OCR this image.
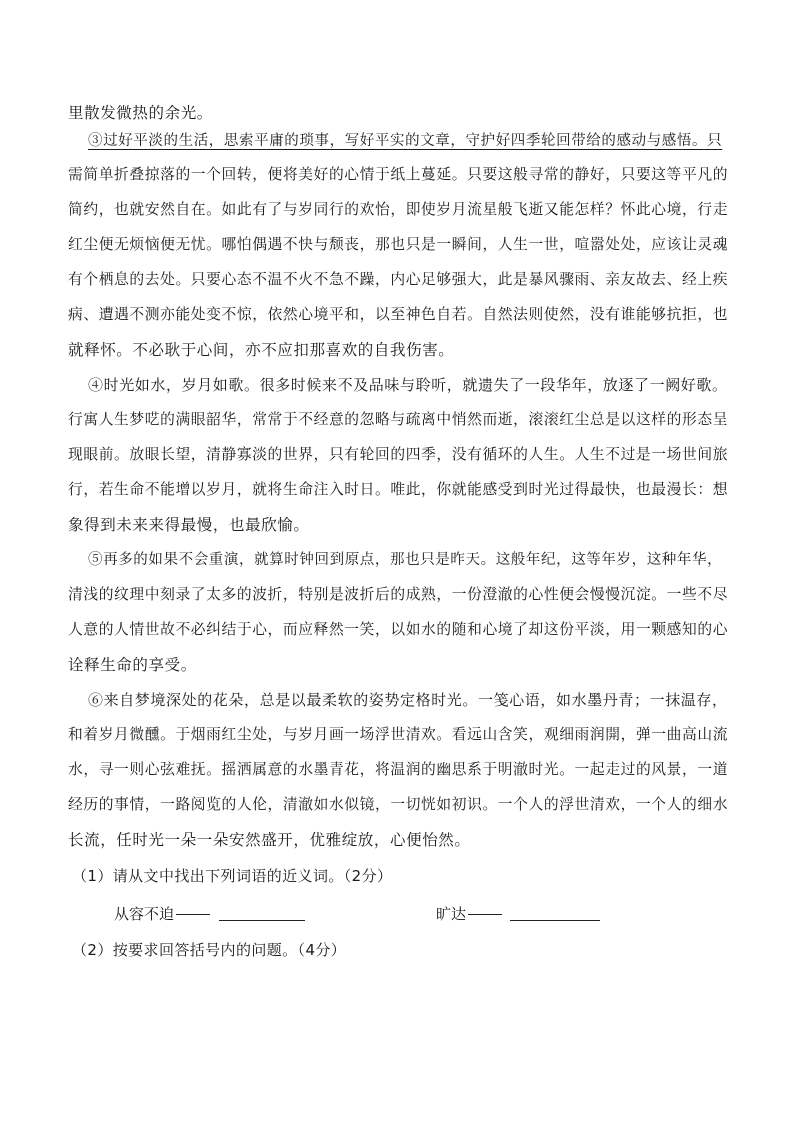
里散发微热的余光。
③过好平淡的生活，思索平庸的琐事，写好平实的文章，守护好四季轮回带给的感动与感悟。只
需简单折叠掠落的一个回转，便将美好的心情于纸上蔓延。只要这般寻常的静好，只要这等平凡的
简约，也就安然自在。如此有了与岁同行的欢怡，即使岁月流星般飞逝又能怎样？怀此心境，行走
红尘便无烦恼便无忧。哪怕偶遇不快与颓丧，那也只是一瞬间，人生一世，喧嚣处处，应该让灵魂
有个栖息的去处。只要心态不温不火不急不躁，内心足够强大，此是暴风骤雨、亲友故去、经上疾
病、遭遇不测亦能处变不惊，依然心境平和，以至神色自若。自然法则使然，没有谁能够抗拒，也
就释怀。不必耿于心间，亦不应扣那喜欢的自我伤害。
④时光如水，岁月如歌。很多时候来不及品味与聆听，就遗失了一段华年，放逐了一阙好歌。
行寓人生梦呓的满眼韶华，常常于不经意的忽略与疏离中悄然而逝，滚滚红尘总是以这样的形态呈
现眼前。放眼长望，清静寡淡的世界，只有轮回的四季，没有循环的人生。人生不过是一场世间旅
行，若生命不能增以岁月，就将生命注入时日。唯此，你就能感受到时光过得最快，也最漫长：想
象得到未来来得最慢，也最欣愉。
⑤再多的如果不会重演，就算时钟回到原点，那也只是昨天。这般年纪，这等年岁，这种年华，
清浅的纹理中刻录了太多的波折，特别是波折后的成熟，一份澄澈的心性便会慢慢沉淀。一些不尽
人意的人情世故不必纠结于心，而应释然一笑，以如水的随和心境了却这份平淡，用一颗感知的心
诠释生命的享受。
⑥来自梦境深处的花朵，总是以最柔软的姿势定格时光。一笺心语，如水墨丹青；一抹温存，
和着岁月微醺。于烟雨红尘处，与岁月画一场浮世清欢。看远山含笑，观细雨润開，弹一曲高山流
水，寻一则心弦难抚。摇洒属意的水墨青花，将温润的幽思系于明澈时光。一起走过的风景，一道
经历的事情，一路阅览的人伦，清澈如水似镜，一切恍如初识。一个人的浮世清欢，一个人的细水
长流，任时光一朵一朵安然盛开，优雅绽放，心便怡然。
（1）请从文中找出下列词语的近义词。（2分）
从容不迫	旷达
（2）按要求回答括号内的问题。（4分）
